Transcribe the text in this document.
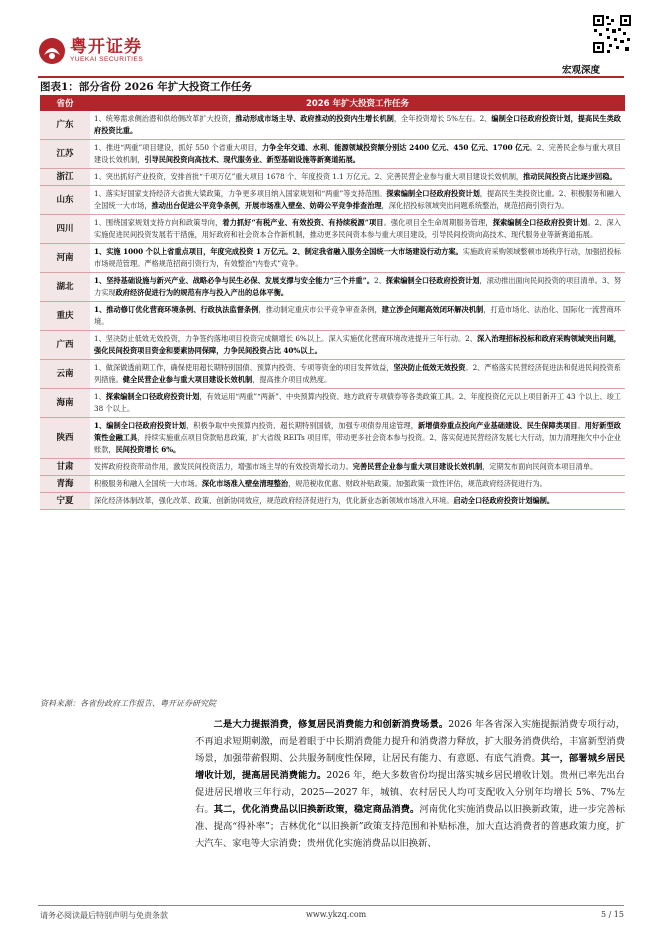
粤开证券
YUEKAI SECURITIES
宏观深度
图表1：部分省份 2026 年扩大投资工作任务
省份	2026 年扩大投资工作任务
广东	1、统筹需求侧治潜和供给侧改革扩大投资，推动形成市场主导、政府推动的投资内生增长机制，全年投资增长 5%左右。2、编制全口径政府投资计划，提高民生类政府投资比重。
江苏	1、推进“两重”项目建设，抓好 550 个省重大项目，力争全年交通、水利、能源领域投资额分别达 2400 亿元、450 亿元、1700 亿元。2、完善民企参与重大项目建设长效机制，引导民间投资向高技术、现代服务业、新型基础设施等新赛道拓展。
浙江	1、突出抓好产业投资，安排首批“千项万亿”重大项目 1678 个、年度投资 1.1 万亿元。2、完善民营企业参与重大项目建设长效机制，推动民间投资占比逐步回稳。
山东	1、落实好国家支持经济大省挑大梁政策，力争更多项目纳入国家规划和“两重”等支持范围。探索编制全口径政府投资计划，提高民生类投资比重。2、积极服务和融入全国统一大市场，推动出台促进公平竞争条例，开展市场准入壁垒、妨碍公平竞争排查治理，深化招投标领域突出问题系统整治，规范招商引资行为。
四川	1、围绕国家规划支持方向和政策导向，着力抓好“有税产业、有效投资、有持续税源”项目。强化项目全生命周期服务管理，探索编制全口径政府投资计划。2、深入实施促进民间投资发展若干措施，用好政府和社会资本合作新机制，推动更多民间资本参与重大项目建设，引导民间投资向高技术、现代服务业等新赛道拓展。
河南	1、实施 1000 个以上省重点项目，年度完成投资 1 万亿元。2、制定我省融入服务全国统一大市场建设行动方案。实施政府采购领域整顿市场秩序行动，加强招投标市场规范管理。严格规范招商引资行为，有效整治“内卷式”竞争。
湖北	1、坚持基础设施与新兴产业、战略必争与民生必保、发展支撑与安全能力“三个并重”。2、探索编制全口径政府投资计划，滚动推出面向民间投资的项目清单。3、努力实现政府经济促进行为的规范有序与投入产出的总体平衡。
重庆	1、推动修订优化营商环境条例、行政执法监督条例，推动制定重庆市公平竞争审查条例，建立涉企问题高效闭环解决机制，打造市场化、法治化、国际化一流营商环境。
广西	1、坚决防止低效无效投资，力争签约落地项目投资完成额增长 6%以上。深入实施优化营商环境改进提升三年行动。2、深入治理招标投标和政府采购领域突出问题，强化民间投资项目资金和要素协同保障，力争民间投资占比 40%以上。
云南	1、做深做透前期工作，确保使用超长期特别国债、预算内投资、专项等资金的项目发挥效益，坚决防止低效无效投资。2、严格落实民营经济促进法和促进民间投资系列措施。健全民营企业参与重大项目建设长效机制，提高推介项目成熟度。
海南	1、探索编制全口径政府投资计划，有效运用“两重”“两新”、中央预算内投资、地方政府专项债券等各类政策工具。2、年度投资亿元以上项目新开工 43 个以上、竣工 38 个以上。
陕西	1、编制全口径政府投资计划，积极争取中央预算内投资、超长期特别国债，加强专项债券用途管理，新增债券重点投向产业基础建设、民生保障类项目。用好新型政策性金融工具，持续实施重点项目贷款贴息政策，扩大省级 REITs 项目库，带动更多社会资本参与投资。2、落实促进民营经济发展七大行动，加力清理拖欠中小企业账款，民间投资增长 6%。
甘肃	发挥政府投资带动作用，激发民间投资活力，增强市场主导的有效投资增长动力。完善民营企业参与重大项目建设长效机制，定期发布面向民间资本项目清单。
青海	积极服务和融入全国统一大市场。深化市场准入壁垒清理整治，规范税收优惠、财政补贴政策。加强政策一致性评估，规范政府经济促进行为。
宁夏	深化经济体制改革，强化改革、政策、创新协同效应，规范政府经济促进行为，优化新业态新领域市场准入环境。启动全口径政府投资计划编制。
资料来源：各省份政府工作报告、粤开证券研究院

二是大力提振消费，修复居民消费能力和创新消费场景。2026 年各省深入实施提振消费专项行动，不再追求短期刺激，而是着眼于中长期消费能力提升和消费潜力释放，扩大服务消费供给，丰富新型消费场景，加强带薪假期、公共服务制度性保障，让居民有能力、有意愿、有底气消费。其一，部署城乡居民增收计划，提高居民消费能力。2026 年，绝大多数省份均提出落实城乡居民增收计划。贵州已率先出台促进居民增收三年行动，2025—2027 年，城镇、农村居民人均可支配收入分别年均增长 5%、7%左右。其二，优化消费品以旧换新政策，稳定商品消费。河南优化实施消费品以旧换新政策，进一步完善标准、提高“得补率”；吉林优化“以旧换新”政策支持范围和补贴标准，加大直达消费者的普惠政策力度，扩大汽车、家电等大宗消费；贵州优化实施消费品以旧换新、

请务必阅读最后特别声明与免责条款	www.ykzq.com	5 / 15
